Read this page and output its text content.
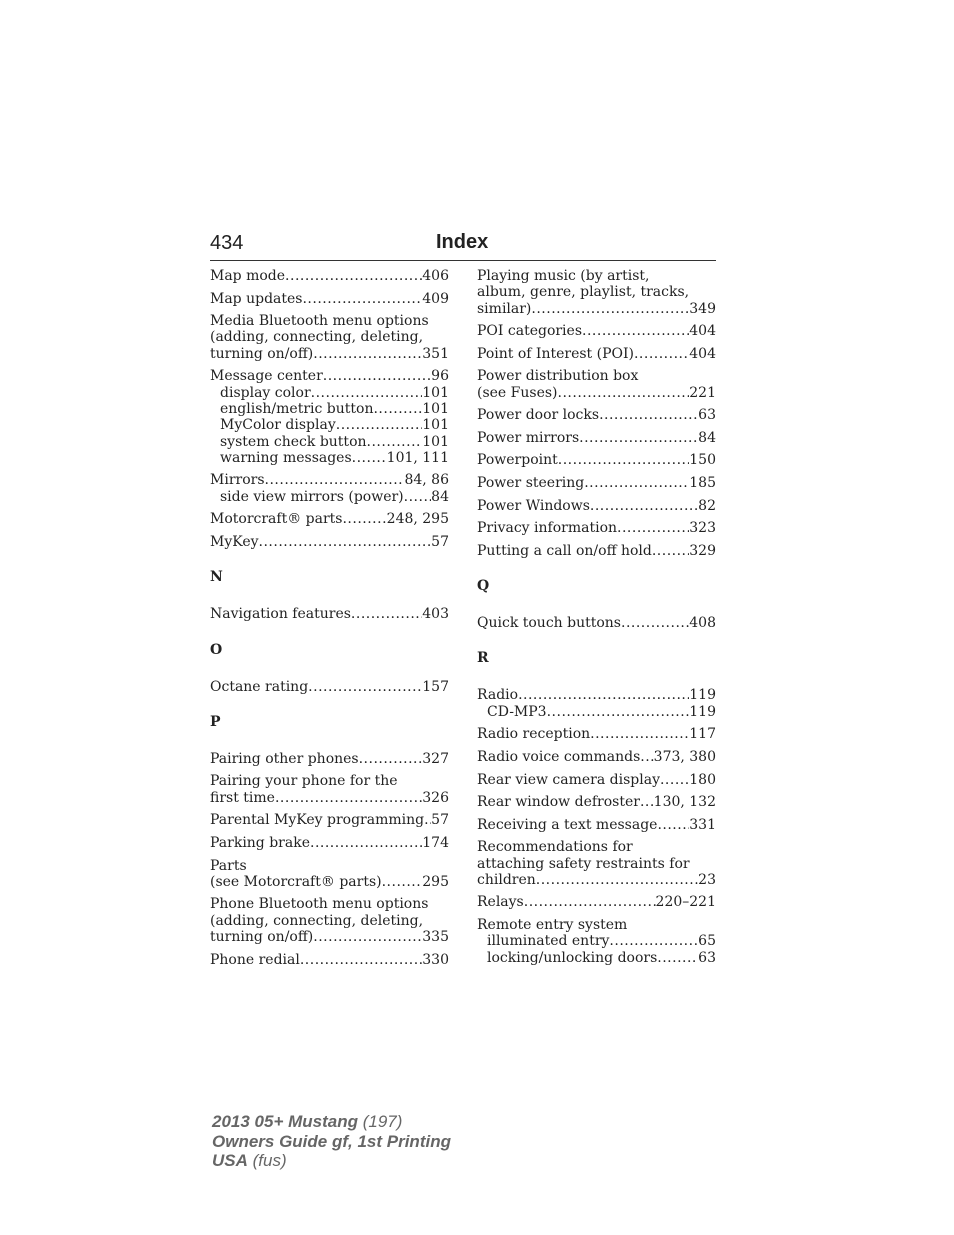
434	Index
Map mode .....	406
Map updates .....	409
Media Bluetooth menu options
(adding, connecting, deleting,
turning on/off) .....	351
Message center .....	96
display color .....	101
english/metric button .....	101
MyColor display .....	101
system check button .....	101
warning messages .....	101, 111
Mirrors .....	84, 86
side view mirrors (power) ..... 84
Motorcraft® parts .....	248, 295
MyKey .....	57
N
Navigation features .....	403
O
Octane rating .....	157
P
Pairing other phones .....	327
Pairing your phone for the
first time .....	326
Parental MyKey programming ..... 57
Parking brake .....	174
Parts
(see Motorcraft® parts) .....	295
Phone Bluetooth menu options
(adding, connecting, deleting,
turning on/off) .....	335
Phone redial .....	330
Playing music (by artist,
album, genre, playlist, tracks,
similar) .....	349
POI categories .....	404
Point of Interest (POI) .....	404
Power distribution box
(see Fuses) .....	221
Power door locks .....	63
Power mirrors .....	84
Powerpoint .....	150
Power steering .....	185
Power Windows .....	82
Privacy information .....	323
Putting a call on/off hold .....	329
Q
Quick touch buttons .....	408
R
Radio .....	119
CD-MP3 .....	119
Radio reception .....	117
Radio voice commands ..... 373, 380
Rear view camera display ..... 180
Rear window defroster ..... 130, 132
Receiving a text message ..... 331
Recommendations for
attaching safety restraints for
children .....	23
Relays .....	220–221
Remote entry system
illuminated entry .....	65
locking/unlocking doors .....	63
2013 05+ Mustang (197)
Owners Guide gf, 1st Printing
USA (fus)
